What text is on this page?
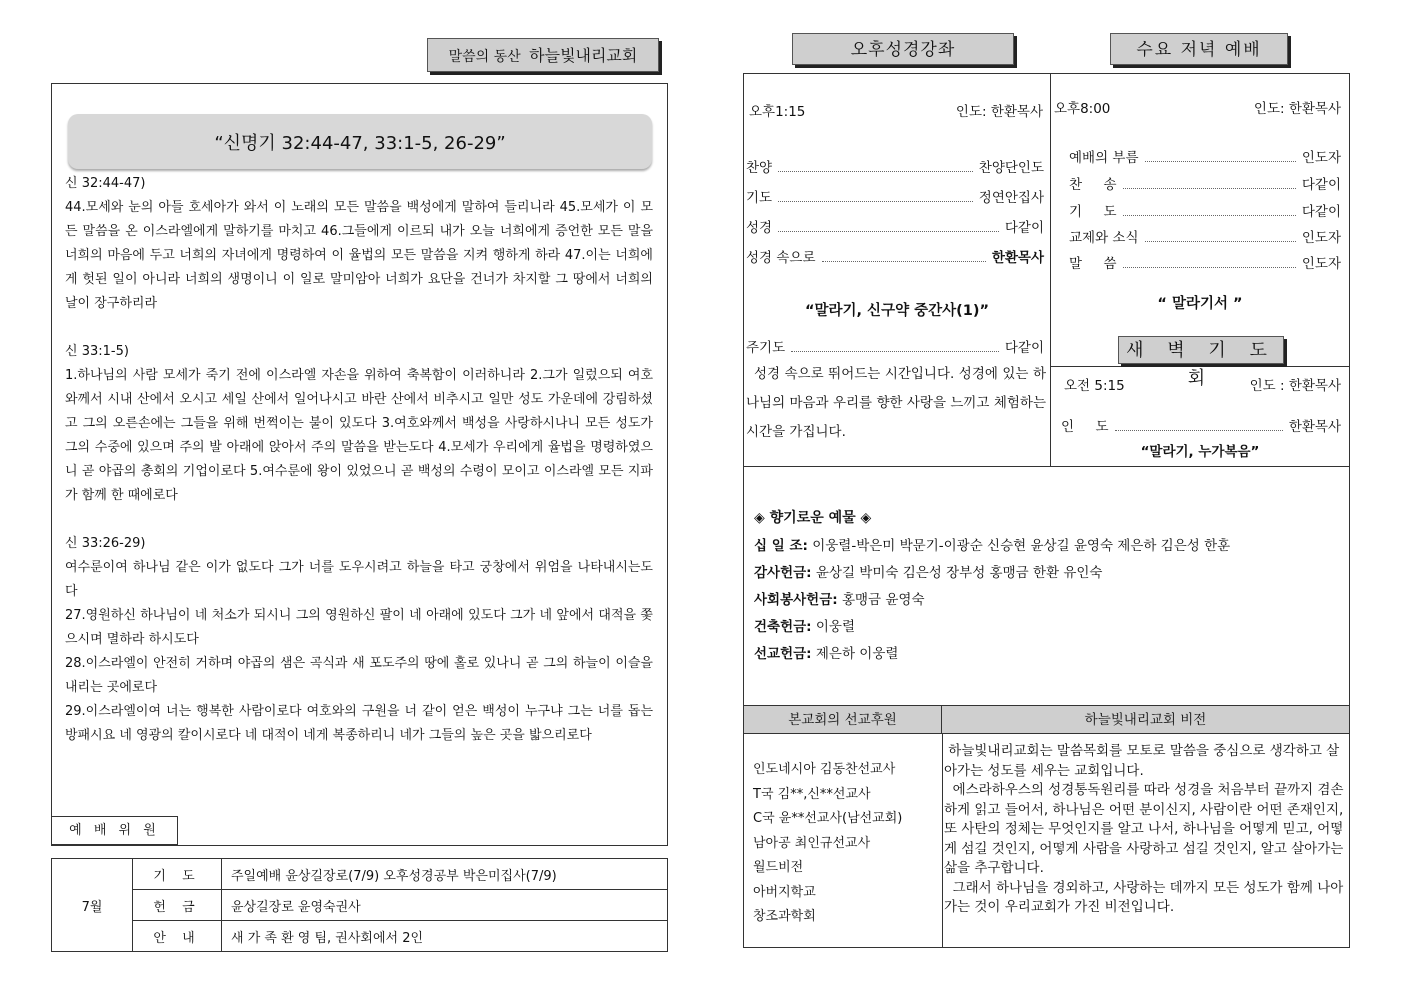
말씀의 동산 하늘빛내리교회
“신명기 32:44-47, 33:1-5, 26-29”
신 32:44-47)
44.모세와 눈의 아들 호세아가 와서 이 노래의 모든 말씀을 백성에게 말하여 들리니라 45.모세가 이 모든 말씀을 온 이스라엘에게 말하기를 마치고 46.그들에게 이르되 내가 오늘 너희에게 증언한 모든 말을 너희의 마음에 두고 너희의 자녀에게 명령하여 이 율법의 모든 말씀을 지켜 행하게 하라 47.이는 너희에게 헛된 일이 아니라 너희의 생명이니 이 일로 말미암아 너희가 요단을 건너가 차지할 그 땅에서 너희의 날이 장구하리라
신 33:1-5)
1.하나님의 사람 모세가 죽기 전에 이스라엘 자손을 위하여 축복함이 이러하니라 2.그가 일렀으되 여호와께서 시내 산에서 오시고 세일 산에서 일어나시고 바란 산에서 비추시고 일만 성도 가운데에 강림하셨고 그의 오른손에는 그들을 위해 번쩍이는 불이 있도다 3.여호와께서 백성을 사랑하시나니 모든 성도가 그의 수중에 있으며 주의 발 아래에 앉아서 주의 말씀을 받는도다 4.모세가 우리에게 율법을 명령하였으니 곧 야곱의 총회의 기업이로다 5.여수룬에 왕이 있었으니 곧 백성의 수령이 모이고 이스라엘 모든 지파가 함께 한 때에로다
신 33:26-29)
여수룬이여 하나님 같은 이가 없도다 그가 너를 도우시려고 하늘을 타고 궁창에서 위엄을 나타내시는도다
27.영원하신 하나님이 네 처소가 되시니 그의 영원하신 팔이 네 아래에 있도다 그가 네 앞에서 대적을 쫓으시며 멸하라 하시도다
28.이스라엘이 안전히 거하며 야곱의 샘은 곡식과 새 포도주의 땅에 홀로 있나니 곧 그의 하늘이 이슬을 내리는 곳에로다
29.이스라엘이여 너는 행복한 사람이로다 여호와의 구원을 너 같이 얻은 백성이 누구냐 그는 너를 돕는 방패시요 네 영광의 칼이시로다 네 대적이 네게 복종하리니 네가 그들의 높은 곳을 밟으리로다
예 배 위 원
7월	기 도	주일예배 윤상길장로(7/9) 오후성경공부 박은미집사(7/9)
	헌 금	윤상길장로 윤영숙권사
	안 내	새 가 족 환 영 팀, 권사회에서 2인
오후성경강좌	수요 저녁 예배
오후1:15	인도: 한환목사
찬양	찬양단인도
기도	정연안집사
성경	다같이
성경 속으로	한환목사
“말라기, 신구약 중간사(1)”
주기도	다같이
성경 속으로 뛰어드는 시간입니다. 성경에 있는 하나님의 마음과 우리를 향한 사랑을 느끼고 체험하는 시간을 가집니다.
오후8:00	인도: 한환목사
예배의 부름	인도자
찬     송	다같이
기     도	다같이
교제와 소식	인도자
말     씀	인도자
“ 말라기서 ”
새 벽 기 도 회
오전 5:15	인도 : 한환목사
인     도	한환목사
“말라기, 누가복음”
◈ 향기로운 예물 ◈
십 일 조: 이웅렬-박은미 박문기-이광순 신승현 윤상길 윤영숙 제은하 김은성 한훈
감사헌금: 윤상길 박미숙 김은성 장부성 홍맹금 한환 유인숙
사회봉사헌금: 홍맹금 윤영숙
건축헌금: 이웅렬
선교헌금: 제은하 이웅렬
본교회의 선교후원	하늘빛내리교회 비전
인도네시아 김동찬선교사
T국 김**,신**선교사
C국 윤**선교사(남선교회)
남아공 최인규선교사
월드비전
아버지학교
창조과학회

하늘빛내리교회는 말씀목회를 모토로 말씀을 중심으로 생각하고 살아가는 성도를 세우는 교회입니다.

에스라하우스의 성경통독원리를 따라 성경을 처음부터 끝까지 겸손하게 읽고 들어서, 하나님은 어떤 분이신지, 사람이란 어떤 존재인지, 또 사탄의 정체는 무엇인지를 알고 나서, 하나님을 어떻게 믿고, 어떻게 섬길 것인지, 어떻게 사람을 사랑하고 섬길 것인지, 알고 살아가는 삶을 추구합니다.

그래서 하나님을 경외하고, 사랑하는 데까지 모든 성도가 함께 나아가는 것이 우리교회가 가진 비전입니다.
